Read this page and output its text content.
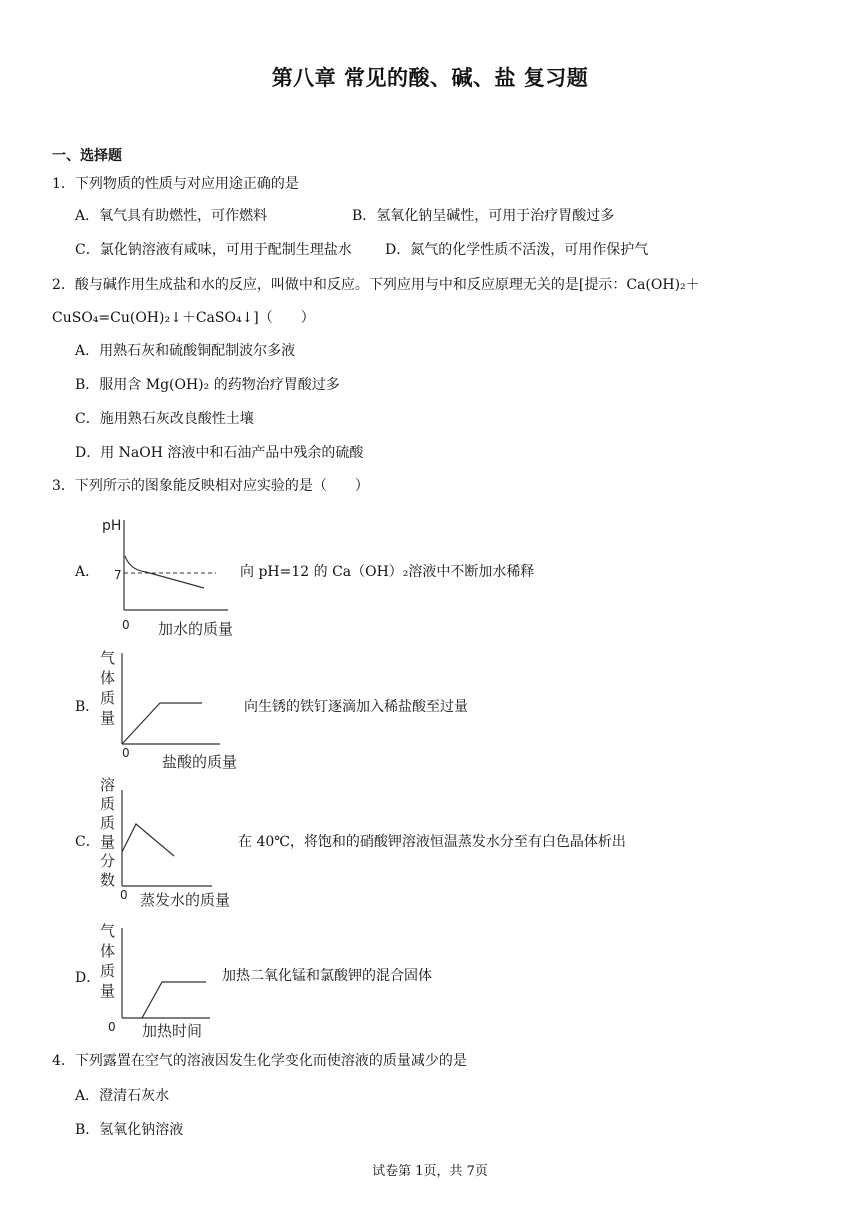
第八章 常见的酸、碱、盐 复习题
一、选择题
1．下列物质的性质与对应用途正确的是
A．氧气具有助燃性，可作燃料	B．氢氧化钠呈碱性，可用于治疗胃酸过多
C．氯化钠溶液有咸味，可用于配制生理盐水 D．氮气的化学性质不活泼，可用作保护气
2．酸与碱作用生成盐和水的反应，叫做中和反应。下列应用与中和反应原理无关的是[提示：Ca(OH)₂＋
CuSO₄=Cu(OH)₂↓＋CaSO₄↓]（　　）
A．用熟石灰和硫酸铜配制波尔多液
B．服用含 Mg(OH)₂ 的药物治疗胃酸过多
C．施用熟石灰改良酸性土壤
D．用 NaOH 溶液中和石油产品中残余的硫酸
3．下列所示的图象能反映相对应实验的是（　　）
A．
pH
7
0 加水的质量
向 pH=12 的 Ca（OH）₂溶液中不断加水稀释
B．
气
体
质
量
0 盐酸的质量
向生锈的铁钉逐滴加入稀盐酸至过量
C．
溶
质
质
量
分
数
0 蒸发水的质量
在 40℃，将饱和的硝酸钾溶液恒温蒸发水分至有白色晶体析出
D．
气
体
质
量
0 加热时间
加热二氧化锰和氯酸钾的混合固体
4．下列露置在空气的溶液因发生化学变化而使溶液的质量减少的是
A．澄清石灰水
B．氢氧化钠溶液
试卷第 1页，共 7页
